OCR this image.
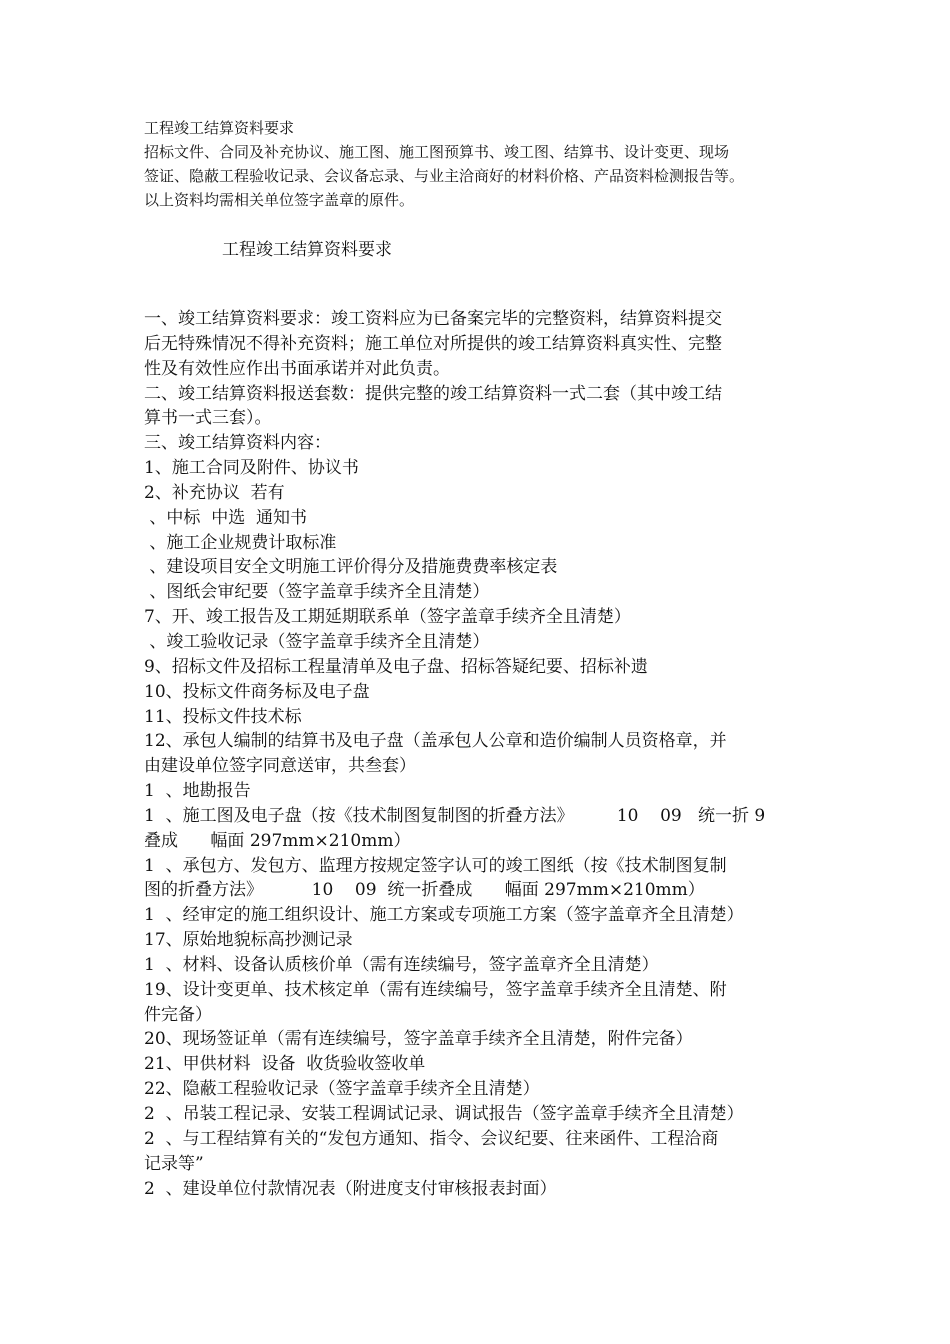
工程竣工结算资料要求

招标文件、合同及补充协议、施工图、施工图预算书、竣工图、结算书、设计变更、现场

签证、隐蔽工程验收记录、会议备忘录、与业主洽商好的材料价格、产品资料检测报告等。

以上资料均需相关单位签字盖章的原件。

工程竣工结算资料要求

一、竣工结算资料要求：竣工资料应为已备案完毕的完整资料，结算资料提交

后无特殊情况不得补充资料；施工单位对所提供的竣工结算资料真实性、完整

性及有效性应作出书面承诺并对此负责。

二、竣工结算资料报送套数：提供完整的竣工结算资料一式二套（其中竣工结

算书一式三套）。

三、竣工结算资料内容：

1、施工合同及附件、协议书

2、补充协议  若有

、中标  中选  通知书

、施工企业规费计取标准

、建设项目安全文明施工评价得分及措施费费率核定表

、图纸会审纪要（签字盖章手续齐全且清楚）

7、开、竣工报告及工期延期联系单（签字盖章手续齐全且清楚）

、竣工验收记录（签字盖章手续齐全且清楚）

9、招标文件及招标工程量清单及电子盘、招标答疑纪要、招标补遗

10、投标文件商务标及电子盘

11、投标文件技术标

12、承包人编制的结算书及电子盘（盖承包人公章和造价编制人员资格章，并

由建设单位签字同意送审，共叁套）

1  、地勘报告

1  、施工图及电子盘（按《技术制图复制图的折叠方法》        10    09   统一折 9

叠成      幅面 297mm×210mm）

1  、承包方、发包方、监理方按规定签字认可的竣工图纸（按《技术制图复制

图的折叠方法》         10    09  统一折叠成      幅面 297mm×210mm）

1  、经审定的施工组织设计、施工方案或专项施工方案（签字盖章齐全且清楚）

17、原始地貌标高抄测记录

1  、材料、设备认质核价单（需有连续编号，签字盖章齐全且清楚）

19、设计变更单、技术核定单（需有连续编号，签字盖章手续齐全且清楚、附

件完备）

20、现场签证单（需有连续编号，签字盖章手续齐全且清楚，附件完备）

21、甲供材料  设备  收货验收签收单

22、隐蔽工程验收记录（签字盖章手续齐全且清楚）

2  、吊装工程记录、安装工程调试记录、调试报告（签字盖章手续齐全且清楚）

2  、与工程结算有关的“发包方通知、指令、会议纪要、往来函件、工程洽商

记录等”

2  、建设单位付款情况表（附进度支付审核报表封面）
